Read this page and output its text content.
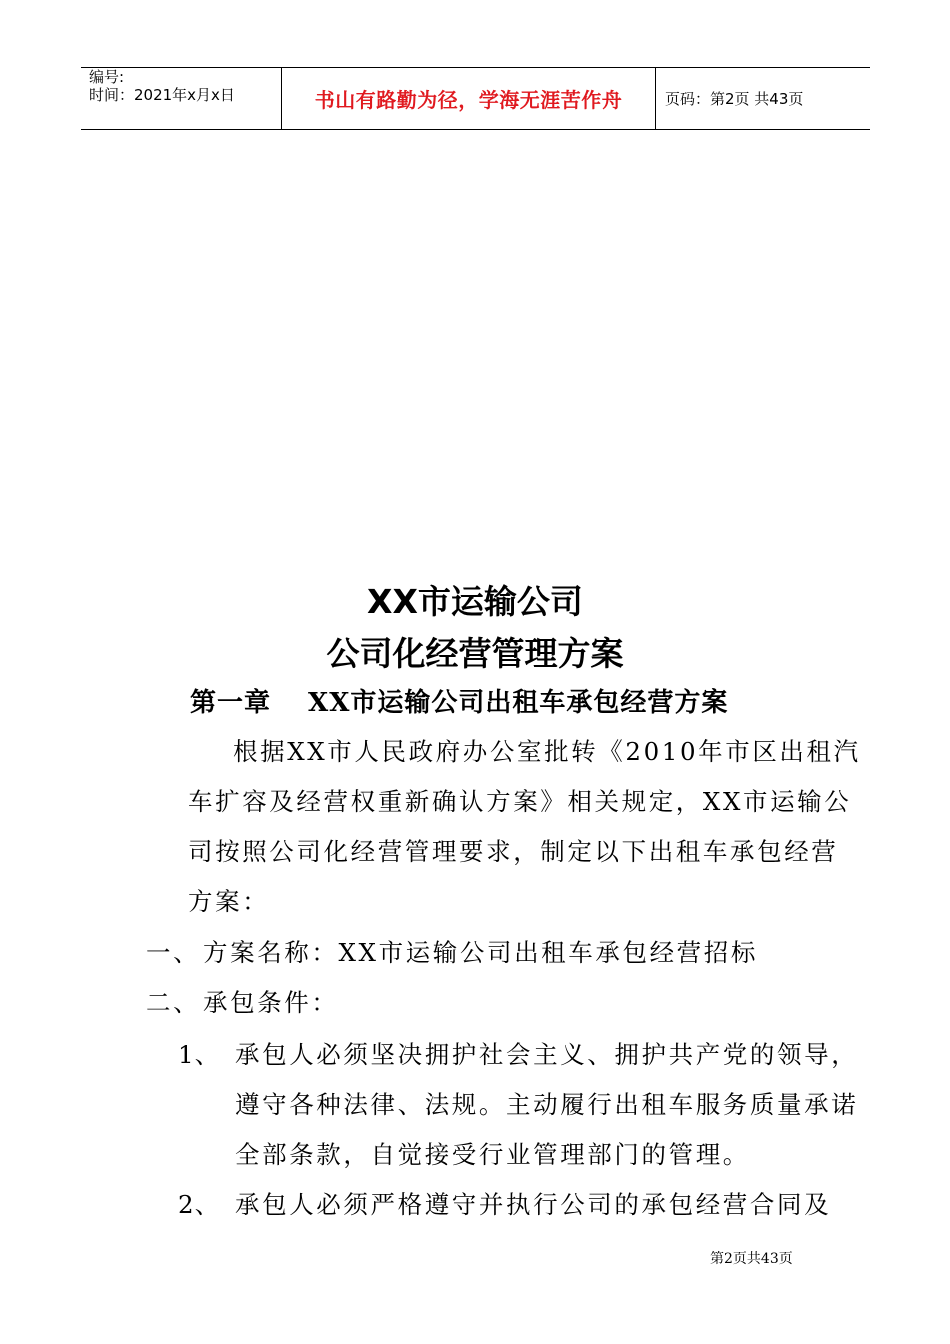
编号:
时间：2021年x月x日	书山有路勤为径，学海无涯苦作舟	页码：第2页 共43页
XX市运输公司
公司化经营管理方案
第一章　 XX市运输公司出租车承包经营方案
根据XX市人民政府办公室批转《2010年市区出租汽
车扩容及经营权重新确认方案》相关规定，XX市运输公
司按照公司化经营管理要求，制定以下出租车承包经营
方案：
一、 方案名称：XX市运输公司出租车承包经营招标
二、 承包条件：
1、 承包人必须坚决拥护社会主义、拥护共产党的领导，
遵守各种法律、法规。主动履行出租车服务质量承诺
全部条款，自觉接受行业管理部门的管理。
2、 承包人必须严格遵守并执行公司的承包经营合同及
第2页共43页
